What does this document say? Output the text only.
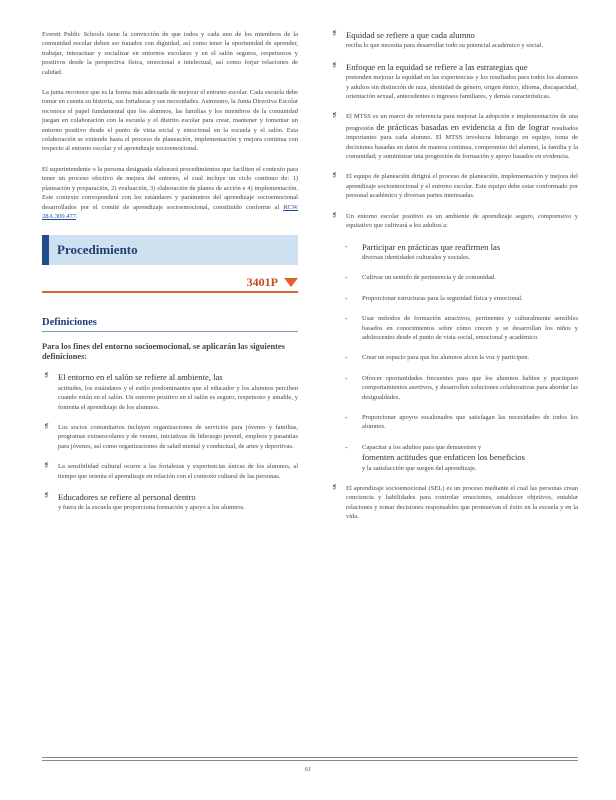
Everett Public Schools tiene la convicción de que todos y cada uno de los miembros de la comunidad escolar deben ser tratados con dignidad, así como tener la oportunidad de aprender, trabajar, interactuar y socializar en entornos escolares y en el salón seguros, respetuosos y positivos desde la perspectiva física, emocional e intelectual, así como forjar relaciones de calidad.

La junta reconoce que es la forma más adecuada de mejorar el entorno escolar. Cada escuela debe tomar en cuenta su historia, sus fortalezas y sus necesidades. Asimismo, la Junta Directiva Escolar reconoce el papel fundamental que los alumnos, las familias y los miembros de la comunidad juegan en colaboración con la escuela y el distrito escolar para crear, mantener y fomentar un entorno positivo desde el punto de vista social y emocional en la escuela y el salón. Esta colaboración se extiende hasta el proceso de planeación, implementación y mejora continua con respecto al entorno escolar y el aprendizaje socioemocional.

El superintendente o la persona designada elaborará procedimientos que faciliten el contexto para tener un proceso efectivo de mejora del entorno, el cual incluye un ciclo continuo de: 1) planeación y preparación, 2) evaluación, 3) elaboración de planes de acción e 4) implementación. Este contexto corresponderá con los estándares y parámetros del aprendizaje socioemocional desarrollados por el comité de aprendizaje socioemocional, constituido conforme al RCW 28A.300.477.

Procedimiento
3401P
Definiciones
Para los fines del entorno socioemocional, se aplicarán las siguientes definiciones:
❡ El entorno en el salón se refiere al ambiente, las
actitudes, los estándares y el estilo predominantes que el educador y los alumnos perciben cuando están en el salón. Un entorno positivo en el salón es seguro, respetuoso y amable, y fomenta el aprendizaje de los alumnos.

❡ Los socios comunitarios incluyen organizaciones de servicios para jóvenes y familias, programas extraescolares y de verano, iniciativas de liderazgo juvenil, empleos y pasantías para jóvenes, así como organizaciones de salud mental y conductual, de artes y deportivas.

❡ La sensibilidad cultural ocurre a las fortalezas y experiencias únicas de los alumnos, al tiempo que orienta el aprendizaje en relación con el contexto cultural de las personas.

❡ Educadores se refiere al personal dentro
y fuera de la escuela que proporciona formación y apoyo a los alumnos.

❡ Equidad se refiere a que cada alumno
reciba lo que necesita para desarrollar todo su potencial académico y social.

❡ Enfoque en la equidad se refiere a las estrategias que
pretenden mejorar la equidad en las experiencias y los resultados para todos los alumnos y adultos sin distinción de raza, identidad de género, origen étnico, idioma, discapacidad, orientación sexual, antecedentes o ingresos familiares, y demás características.

❡ El MTSS es un marco de referencia para mejorar la adopción e implementación de una progresión de prácticas basadas en evidencia a fin de lograr resultados importantes para cada alumno. El MTSS involucra liderazgo en equipo, toma de decisiones basadas en datos de manera continua, compromiso del alumno, la familia y la comunidad; y suministrar una progresión de formación y apoyo basados en evidencia.

❡ El equipo de planeación dirigirá el proceso de planeación, implementación y mejora del aprendizaje socioemocional y el entorno escolar. Este equipo debe estar conformado por personal académico y diversas partes interesadas.

❡ Un entorno escolar positivo es un ambiente de aprendizaje seguro, comprensivo y equitativo que cultivará a los adultos a:

- Participar en prácticas que reafirmen las
diversas identidades culturales y sociales.

- Cultivar un sentido de pertenencia y de comunidad.

- Proporcionar estructuras para la seguridad física y emocional.

- Usar métodos de formación atractivos, pertinentes y culturalmente sensibles basados en conocimientos sobre cómo crecen y se desarrollan los niños y adolescentes desde el punto de vista social, emocional y académico.

- Crear un espacio para que los alumnos alcen la voz y participen.

- Ofrecer oportunidades frecuentes para que los alumnos hablen y practiquen comportamientos asertivos, y desarrollen soluciones colaborativas para abordar las desigualdades.

- Proporcionar apoyos escalonados que satisfagan las necesidades de todos los alumnos.

- Capacitar a los adultos para que demuestren y
fomenten actitudes que enfaticen los beneficios
y la satisfacción que surgen del aprendizaje.

❡ El aprendizaje socioemocional (SEL) es un proceso mediante el cual las personas crean conciencia y habilidades para controlar emociones, establecer objetivos, entablar relaciones y tomar decisiones responsables que promuevan el éxito en la escuela y en la vida.

61
